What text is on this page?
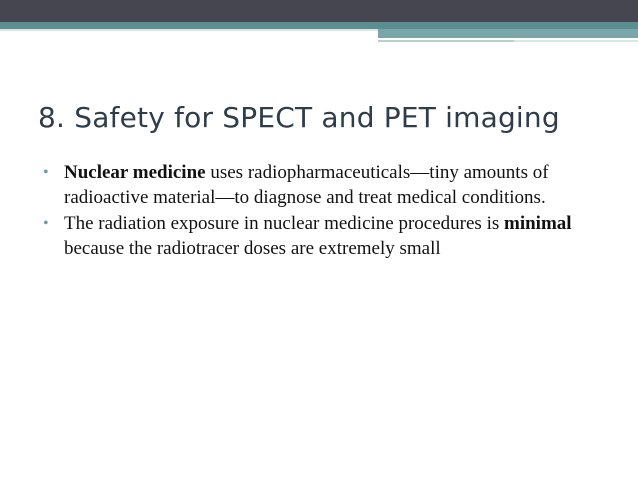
8. Safety for SPECT and PET imaging
• Nuclear medicine uses radiopharmaceuticals—tiny amounts of radioactive material—to diagnose and treat medical conditions.
• The radiation exposure in nuclear medicine procedures is minimal because the radiotracer doses are extremely small
